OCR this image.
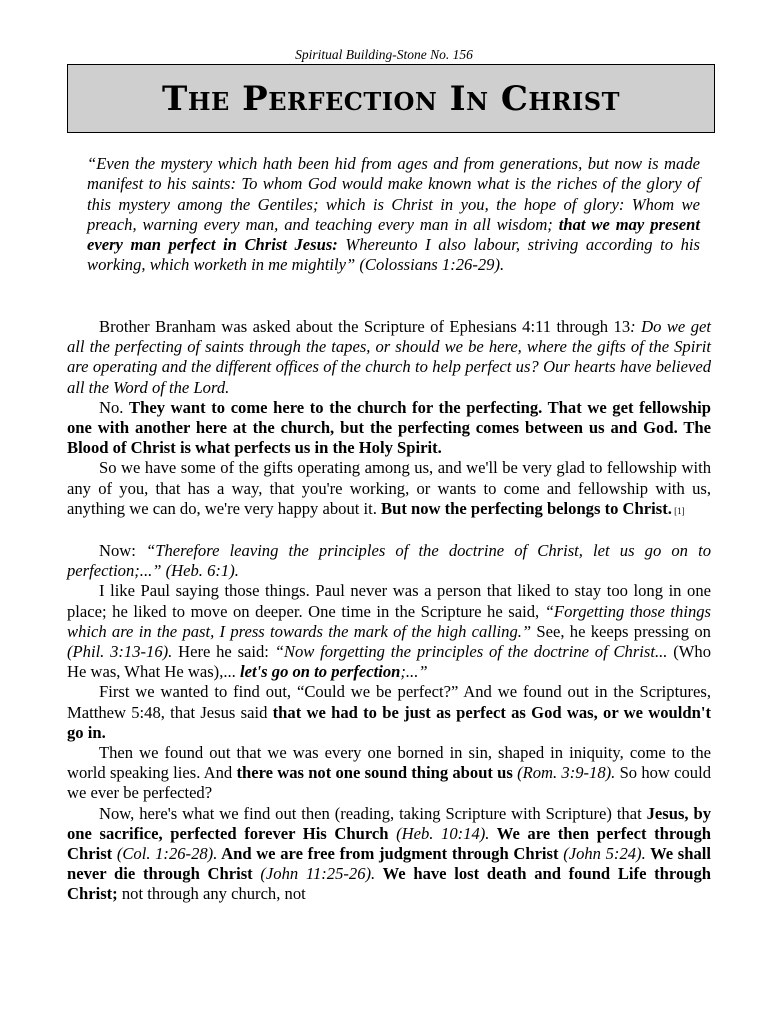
Spiritual Building-Stone No. 156
The Perfection In Christ

“Even the mystery which hath been hid from ages and from generations, but now is made manifest to his saints: To whom God would make known what is the riches of the glory of this mystery among the Gentiles; which is Christ in you, the hope of glory: Whom we preach, warning every man, and teaching every man in all wisdom; that we may present every man perfect in Christ Jesus: Whereunto I also labour, striving according to his working, which worketh in me mightily” (Colossians 1:26-29).

Brother Branham was asked about the Scripture of Ephesians 4:11 through 13: Do we get all the perfecting of saints through the tapes, or should we be here, where the gifts of the Spirit are operating and the different offices of the church to help perfect us? Our hearts have believed all the Word of the Lord.

No. They want to come here to the church for the perfecting. That we get fellowship one with another here at the church, but the perfecting comes between us and God. The Blood of Christ is what perfects us in the Holy Spirit.

So we have some of the gifts operating among us, and we'll be very glad to fellowship with any of you, that has a way, that you're working, or wants to come and fellowship with us, anything we can do, we're very happy about it. But now the perfecting belongs to Christ. [1]

Now: “Therefore leaving the principles of the doctrine of Christ, let us go on to perfection;...” (Heb. 6:1).

I like Paul saying those things. Paul never was a person that liked to stay too long in one place; he liked to move on deeper. One time in the Scripture he said, “Forgetting those things which are in the past, I press towards the mark of the high calling.” See, he keeps pressing on (Phil. 3:13-16). Here he said: “Now forgetting the principles of the doctrine of Christ... (Who He was, What He was),... let's go on to perfection;...”

First we wanted to find out, “Could we be perfect?” And we found out in the Scriptures, Matthew 5:48, that Jesus said that we had to be just as perfect as God was, or we wouldn't go in.

Then we found out that we was every one borned in sin, shaped in iniquity, come to the world speaking lies. And there was not one sound thing about us (Rom. 3:9-18). So how could we ever be perfected?

Now, here's what we find out then (reading, taking Scripture with Scripture) that Jesus, by one sacrifice, perfected forever His Church (Heb. 10:14). We are then perfect through Christ (Col. 1:26-28). And we are free from judgment through Christ (John 5:24). We shall never die through Christ (John 11:25-26). We have lost death and found Life through Christ; not through any church, not
